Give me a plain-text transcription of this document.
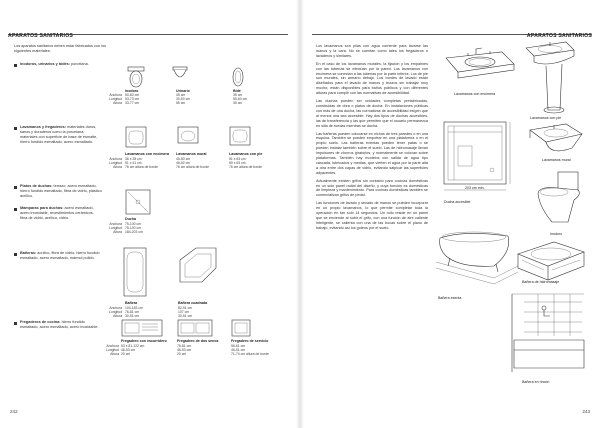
APARATOS SANITARIOS
Los aparatos sanitarios deben estar fabricados con los siguientes materiales:
Inodoros, urinarios y bidés: porcelana.
Inodoro
50-60 cm
53-73 cm
33-77 cm
Anchura
Longitud
Altura
Urinario
45 cm
30-50 cm
55 cm
Bidé
35 cm
55-60 cm
35 cm
Lavamanos y fregaderos: materiales duros, sanos y duraderos como la porcelana; materiales con superficie de base de esmalte, hierro fundido esmaltado, acero esmaltado.
Anchura
Longitud
Altura
Lavamanos con encimera
36 x 28 cm
51 x 41 cm
76 cm altura de borde
Lavamanos mural
45-50 cm
46-52 cm
76 cm altura de borde
Lavamanos con pie
51 x 63 cm
69 x 63 cm
76 cm altura de borde
Platos de duchas: terrazo, acero esmaltado, hierro fundido esmaltado, fibra de vidrio, plástico acrílico.
Mamparas para duchas: acero esmaltado, acero inoxidable, revestimientos cerámicos, fibra de vidrio, acrílico, vidrio.	Ducha
Anchura
Longitud
Altura
75-100 cm
75-100 cm
184-203 cm
Bañeras: acrílico, fibra de vidrio, hierro fundido esmaltado, acero esmaltado, mármol pulido.
Bañera
Anchura
Longitud
Altura
104-183 cm
76-81 cm
30-51 cm
Bañera cuadrada
82-91 cm
107 cm
30-51 cm
Fregaderos de cocina: hierro fundido esmaltado, acero esmaltado, acero inoxidable.
Fregadero con escurridero
Anchura
Longitud
Altura
53 x 81-122 cm
46-53 cm
20 cm
Fregadero de dos senos
76-81 cm
46-53 cm
20 cm
Fregadero de servicio
56-61 cm
46-51 cm
71-74 cm altura de borde
242
APARATOS SANITARIOS

Los lavamanos son pilas con agua corriente para lavarse las manos y la cara. No se cuentan como tales los fregaderos o lavaderos y similares.

En el caso de los lavamanos murales, la fijación y los empalmes con las tuberías se efectúan por la pared. Los lavamanos con encimera se conectan a las tuberías por la parte inferior. Los de pie son murales, sin armario debajo. Los bordes de lavado están diseñados para el lavado de manos y brazos sin trabajar muy mucho; están disponibles para baños públicos y con diferentes alturas para cumplir con las normativas de accesibilidad.

Las duchas pueden ser unidades completas prefabricadas, construidas de obra o platos de ducha. En instalaciones públicas con más de una ducha, las normativas de accesibilidad exigen que al menos una sea accesible. Hay dos tipos de duchas accesibles, las de transferencia y las que permiten que el usuario permanezca en silla de ruedas mientras se ducha.

Las bañeras pueden colocarse en nichos de tres paredes o en una esquina. También se pueden empotrar en una plataforma o en el propio suelo. Las bañeras exentas pueden tener patas o se pueden instalar también sobre el suelo. Las de hidromasaje llevan impulsores de chorros giratorios, y normalmente se colocan sobre plataformas. También hay modelos con salida de agua tipo cascada, lubricados y medias, que vierten el agua por la parte alta a otra entre dos capas de vidrio, evitando salpicar las superficies adyacentes.

Actualmente existen grifos sin contacto para cocinas domésticas en un solo panel radial del diseño, y cuya función es domésticas de limpieza y mantenimiento. Para cocinas domésticas también se comercializan grifos de pedal.

Las funciones de lavado y secado de manos se pueden incorporar en un propio lavamanos, lo que permite completar toda la operación en tan solo 14 segundos. Un rollo reside en un panel que se enciende al subir el grifo, con una función de aire caliente inteligente, se calienta con una de las bocas sobre el plano de trabajo, evitando así los goteos por el suelo.

Lavamanos con encimera
Lavamanos con pie
Lavamanos mural
203 cm min.
Ducha accesible
Inodoro
Bañera exenta
Bañera de hidromasaje
Bañera en rincón
243
